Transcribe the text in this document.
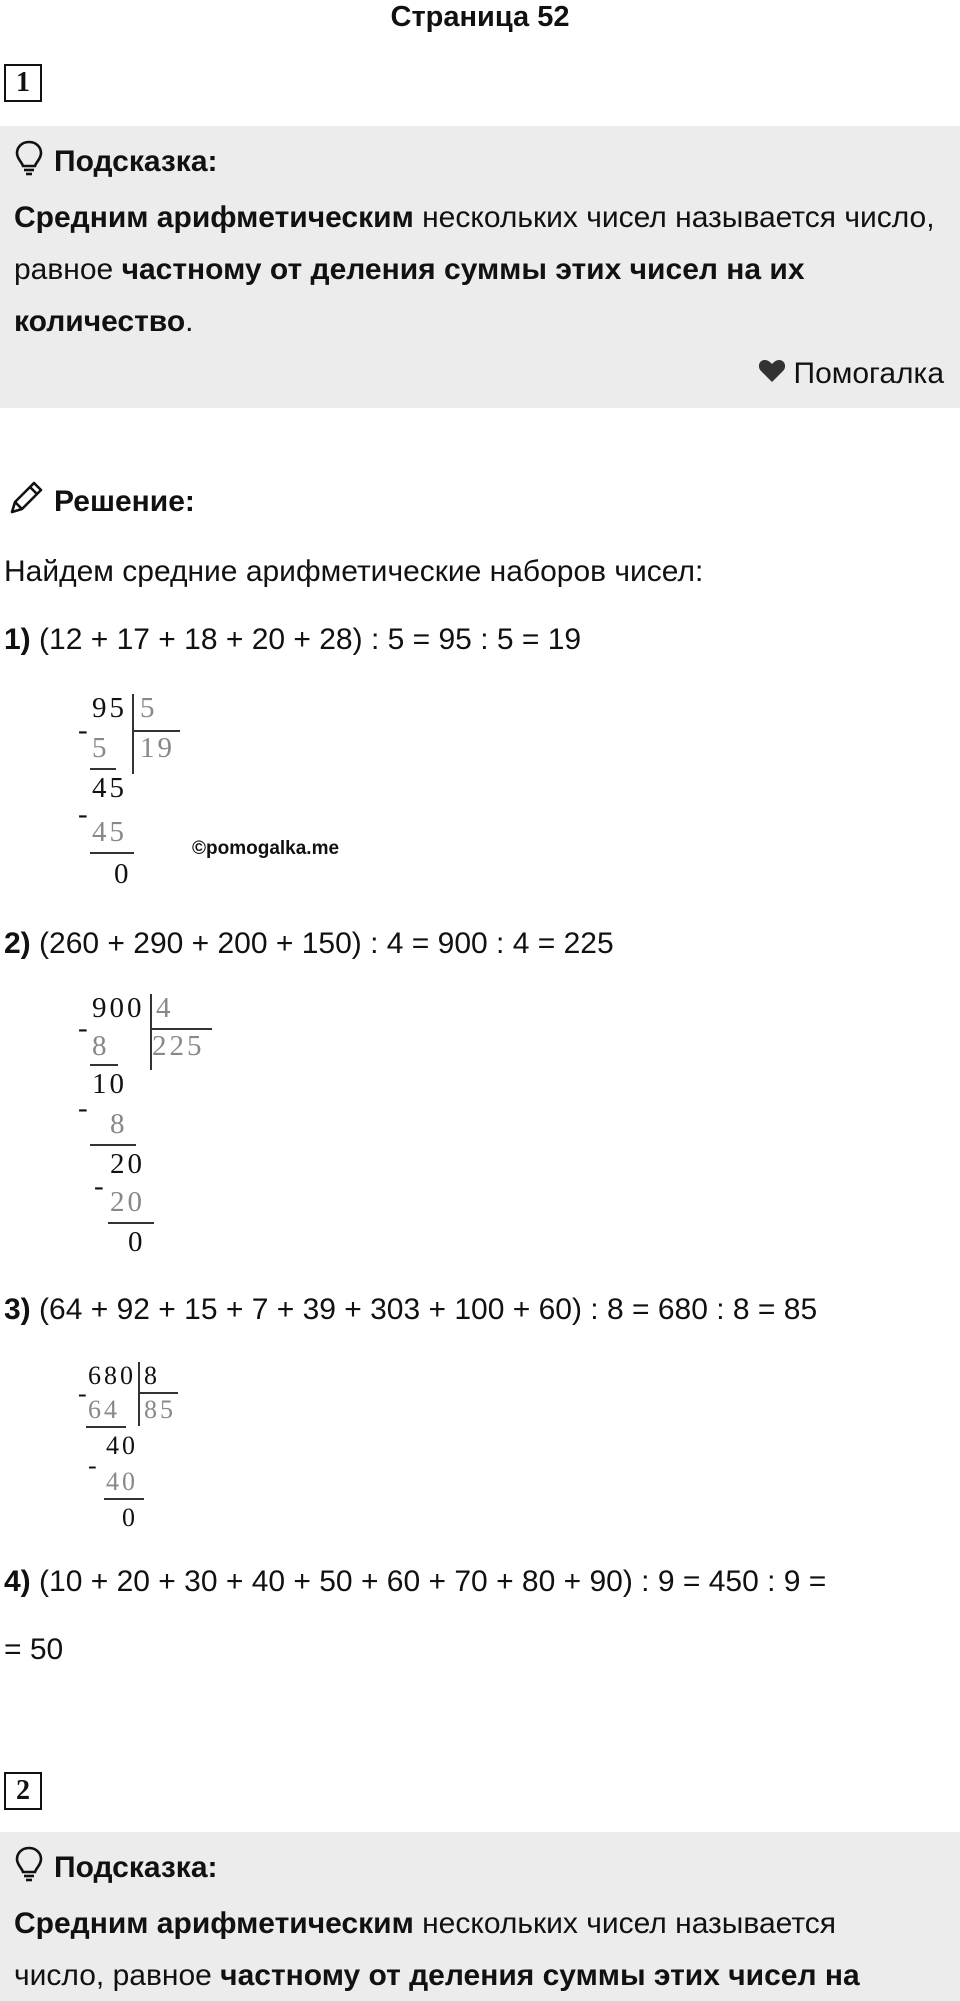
Страница 52
1
Подсказка:
Средним арифметическим нескольких чисел называется число, равное частному от деления суммы этих чисел на их количество.
Помогалка
Решение:
Найдем средние арифметические наборов чисел:
1) (12 + 17 + 18 + 20 + 28) : 5 = 95 : 5 = 19
95 5
19
-
5
45
-
45
0
©pomogalka.me
2) (260 + 290 + 200 + 150) : 4 = 900 : 4 = 225
900 4
225
-
8
10
- 8
20
- 20
0
3) (64 + 92 + 15 + 7 + 39 + 303 + 100 + 60) : 8 = 680 : 8 = 85
680 8
85
-
64
40
-
40
0
4) (10 + 20 + 30 + 40 + 50 + 60 + 70 + 80 + 90) : 9 = 450 : 9 =
= 50
2
Подсказка:
Средним арифметическим нескольких чисел называется
число, равное частному от деления суммы этих чисел на
